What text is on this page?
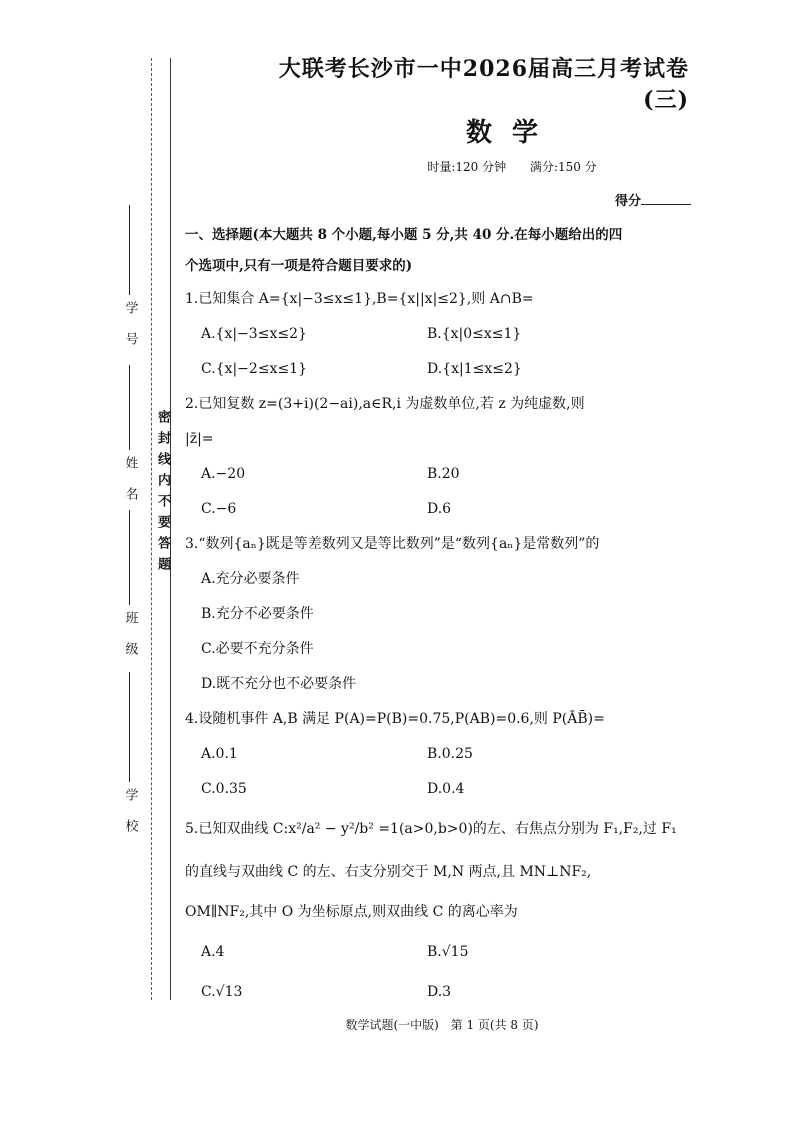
学号
姓名
班级
学校
密封线内不要答题
大联考长沙市一中2026届高三月考试卷(三)
数学
时量:120 分钟 满分:150 分
得分
一、选择题(本大题共 8 个小题,每小题 5 分,共 40 分.在每小题给出的四
个选项中,只有一项是符合题目要求的)
1.已知集合 A={x|−3≤x≤1},B={x||x|≤2},则 A∩B=
A.{x|−3≤x≤2}	B.{x|0≤x≤1}
C.{x|−2≤x≤1}	D.{x|1≤x≤2}
2.已知复数 z=(3+i)(2−ai),a∈R,i 为虚数单位,若 z 为纯虚数,则
|z̄|=
A.−20	B.20
C.−6	D.6
3.“数列{aₙ}既是等差数列又是等比数列”是“数列{aₙ}是常数列”的
A.充分必要条件
B.充分不必要条件
C.必要不充分条件
D.既不充分也不必要条件
4.设随机事件 A,B 满足 P(A)=P(B)=0.75,P(AB)=0.6,则 P(ĀB̄)=
A.0.1	B.0.25
C.0.35	D.0.4
5.已知双曲线 C:x²/a² − y²/b² =1(a>0,b>0)的左、右焦点分别为 F₁,F₂,过 F₁
的直线与双曲线 C 的左、右支分别交于 M,N 两点,且 MN⊥NF₂,
OM∥NF₂,其中 O 为坐标原点,则双曲线 C 的离心率为
A.4	B.√15
C.√13	D.3
数学试题(一中版) 第 1 页(共 8 页)
